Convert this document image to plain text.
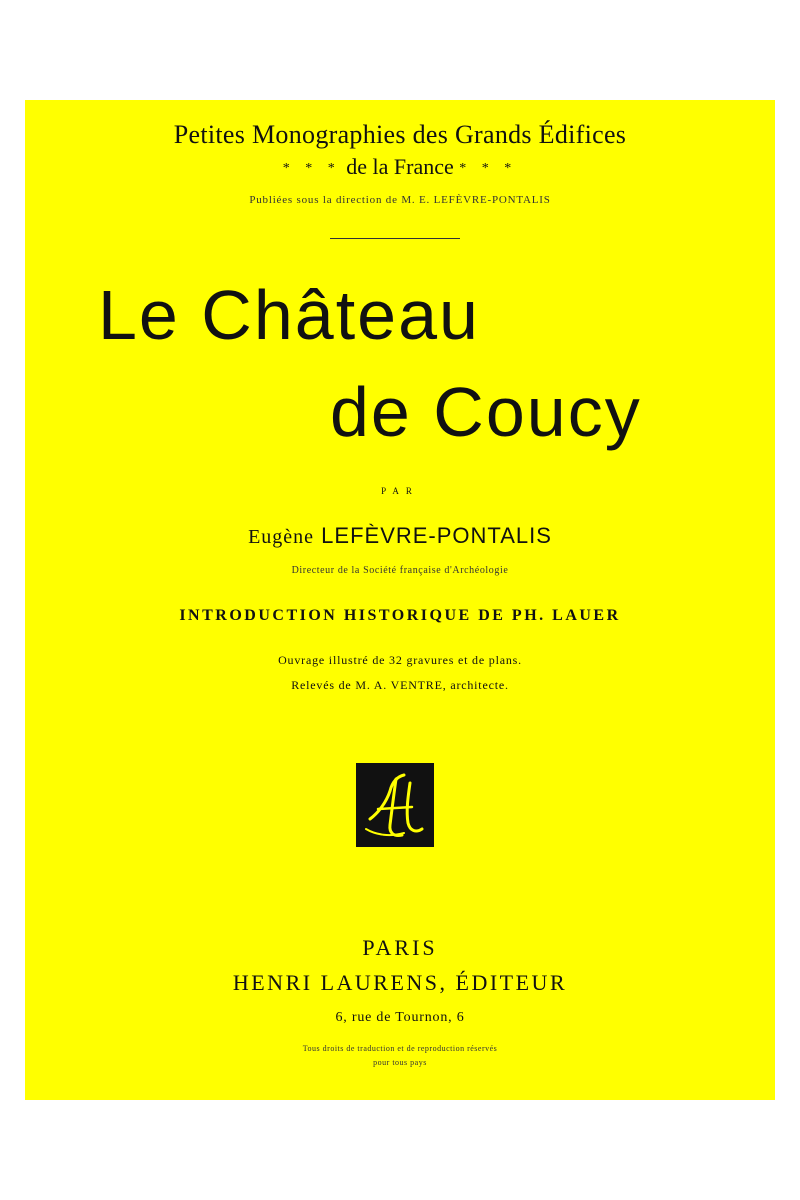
Petites Monographies des Grands Édifices
* * * de la France * * *
Publiées sous la direction de M. E. LEFÈVRE-PONTALIS
Le Château
de Coucy
PAR
Eugène LEFÈVRE-PONTALIS
Directeur de la Société française d'Archéologie
INTRODUCTION HISTORIQUE DE PH. LAUER
Ouvrage illustré de 32 gravures et de plans.
Relevés de M. A. VENTRE, architecte.
PARIS
HENRI LAURENS, ÉDITEUR
6, rue de Tournon, 6
Tous droits de traduction et de reproduction réservés
pour tous pays
